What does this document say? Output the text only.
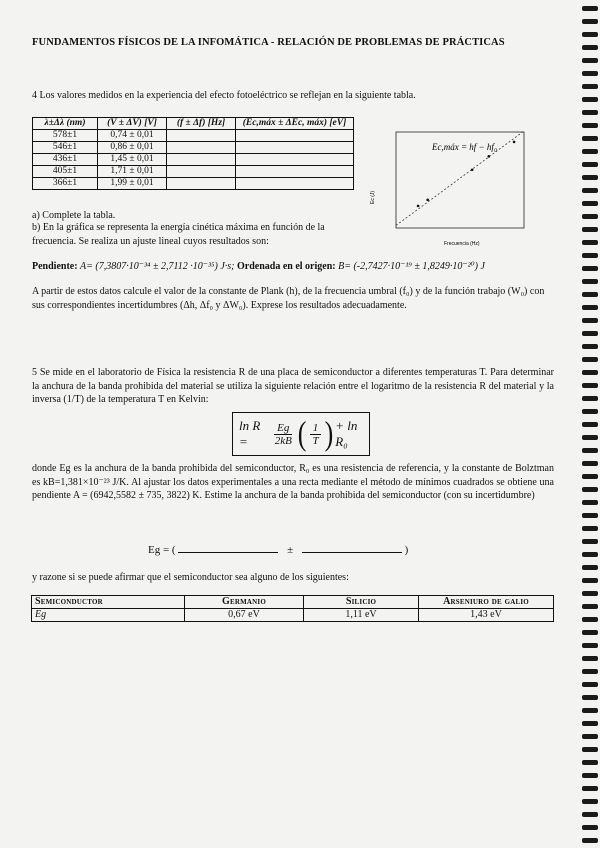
FUNDAMENTOS FÍSICOS DE LA INFOMÁTICA - RELACIÓN DE PROBLEMAS DE PRÁCTICAS
4 Los valores medidos en la experiencia del efecto fotoeléctrico se reflejan en la siguiente tabla.
λ±Δλ (nm)	(V ± ΔV) [V]	(f ± Δf) [Hz]	(Ec,máx ± ΔEc, máx) [eV]
578±1	0,74 ± 0,01		
546±1	0,86 ± 0,01		
436±1	1,45 ± 0,01		
405±1	1,71 ± 0,01		
366±1	1,99 ± 0,01		
Ec,máx = hf − hf₀
Ec (J)
Frecuencia (Hz)
a) Complete la tabla.
b) En la gráfica se representa la energía cinética máxima en función de la frecuencia. Se realiza un ajuste lineal cuyos resultados son:
Pendiente: A= (7,3807·10⁻³⁴ ± 2,7112 ·10⁻³⁵) J·s; Ordenada en el origen: B= (-2,7427·10⁻¹⁹ ± 1,8249·10⁻²⁰) J
A partir de estos datos calcule el valor de la constante de Plank (h), de la frecuencia umbral (f₀) y de la función trabajo (W₀) con sus correspondientes incertidumbres (Δh, Δf₀ y ΔW₀). Exprese los resultados adecuadamente.
5 Se mide en el laboratorio de Física la resistencia R de una placa de semiconductor a diferentes temperaturas T. Para determinar la anchura de la banda prohibida del material se utiliza la siguiente relación entre el logaritmo de la resistencia R del material y la inversa (1/T) de la temperatura T en Kelvin:
ln R =	$\frac{Eg}{2kB}$ ( $\frac{1}{T}$ ) + ln R₀
donde Eg es la anchura de la banda prohibida del semiconductor, R₀ es una resistencia de referencia, y la constante de Bolztman es kB=1,381×10⁻²³ J/K. Al ajustar los datos experimentales a una recta mediante el método de mínimos cuadrados se obtiene una pendiente A = (6942,5582 ± 735, 3822) K. Estime la anchura de la banda prohibida del semiconductor (con su incertidumbre)
Eg = (	±	)
y razone si se puede afirmar que el semiconductor sea alguno de los siguientes:
Semiconductor	Germanio	Silicio	Arseniuro de galio
Eg	0,67 eV	1,11 eV	1,43 eV
